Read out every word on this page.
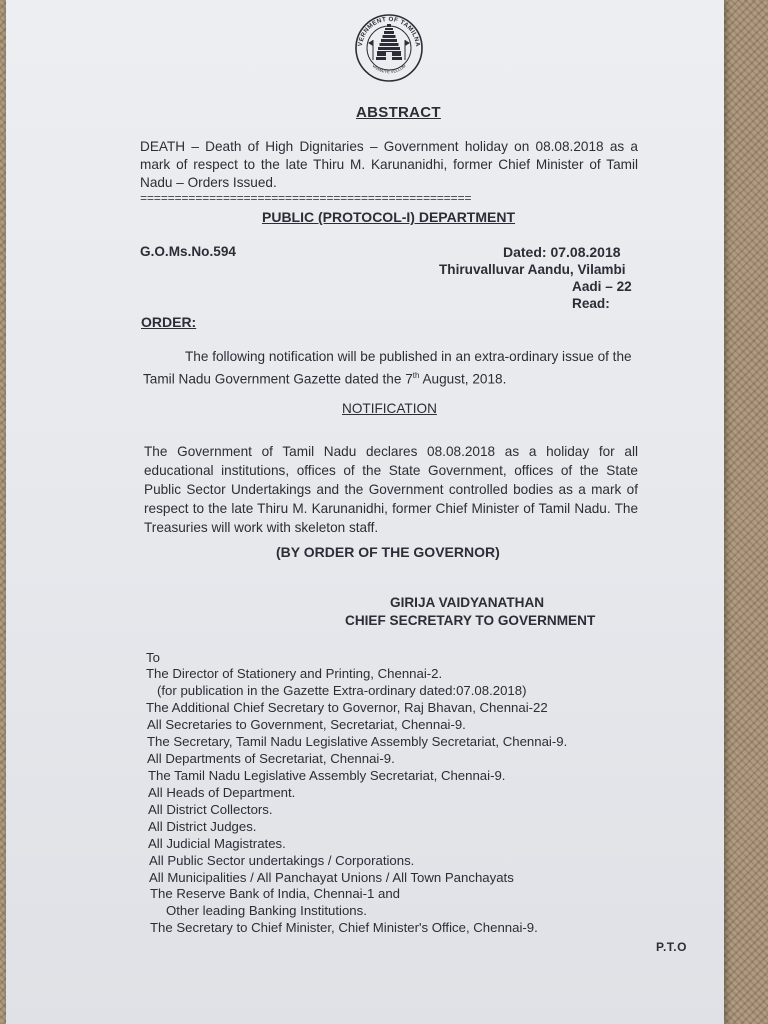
VERNMENT OF TAMILNA
VAIMAIYE VELLUM
ABSTRACT
DEATH – Death of High Dignitaries – Government holiday on 08.08.2018 as a mark of respect to the late Thiru M. Karunanidhi, former Chief Minister of Tamil Nadu – Orders Issued.
================================================
PUBLIC (PROTOCOL-I) DEPARTMENT
G.O.Ms.No.594	Dated: 07.08.2018
Thiruvalluvar Aandu, Vilambi
Aadi – 22
Read:
ORDER:
The following notification will be published in an extra-ordinary issue of the Tamil Nadu Government Gazette dated the 7th August, 2018.
NOTIFICATION
The Government of Tamil Nadu declares 08.08.2018 as a holiday for all educational institutions, offices of the State Government, offices of the State Public Sector Undertakings and the Government controlled bodies as a mark of respect to the late Thiru M. Karunanidhi, former Chief Minister of Tamil Nadu. The Treasuries will work with skeleton staff.
(BY ORDER OF THE GOVERNOR)
GIRIJA VAIDYANATHAN
CHIEF SECRETARY TO GOVERNMENT
To
The Director of Stationery and Printing, Chennai-2.
(for publication in the Gazette Extra-ordinary dated:07.08.2018)
The Additional Chief Secretary to Governor, Raj Bhavan, Chennai-22
All Secretaries to Government, Secretariat, Chennai-9.
The Secretary, Tamil Nadu Legislative Assembly Secretariat, Chennai-9.
All Departments of Secretariat, Chennai-9.
The Tamil Nadu Legislative Assembly Secretariat, Chennai-9.
All Heads of Department.
All District Collectors.
All District Judges.
All Judicial Magistrates.
All Public Sector undertakings / Corporations.
All Municipalities / All Panchayat Unions / All Town Panchayats
The Reserve Bank of India, Chennai-1 and
Other leading Banking Institutions.
The Secretary to Chief Minister, Chief Minister's Office, Chennai-9.
P.T.O
